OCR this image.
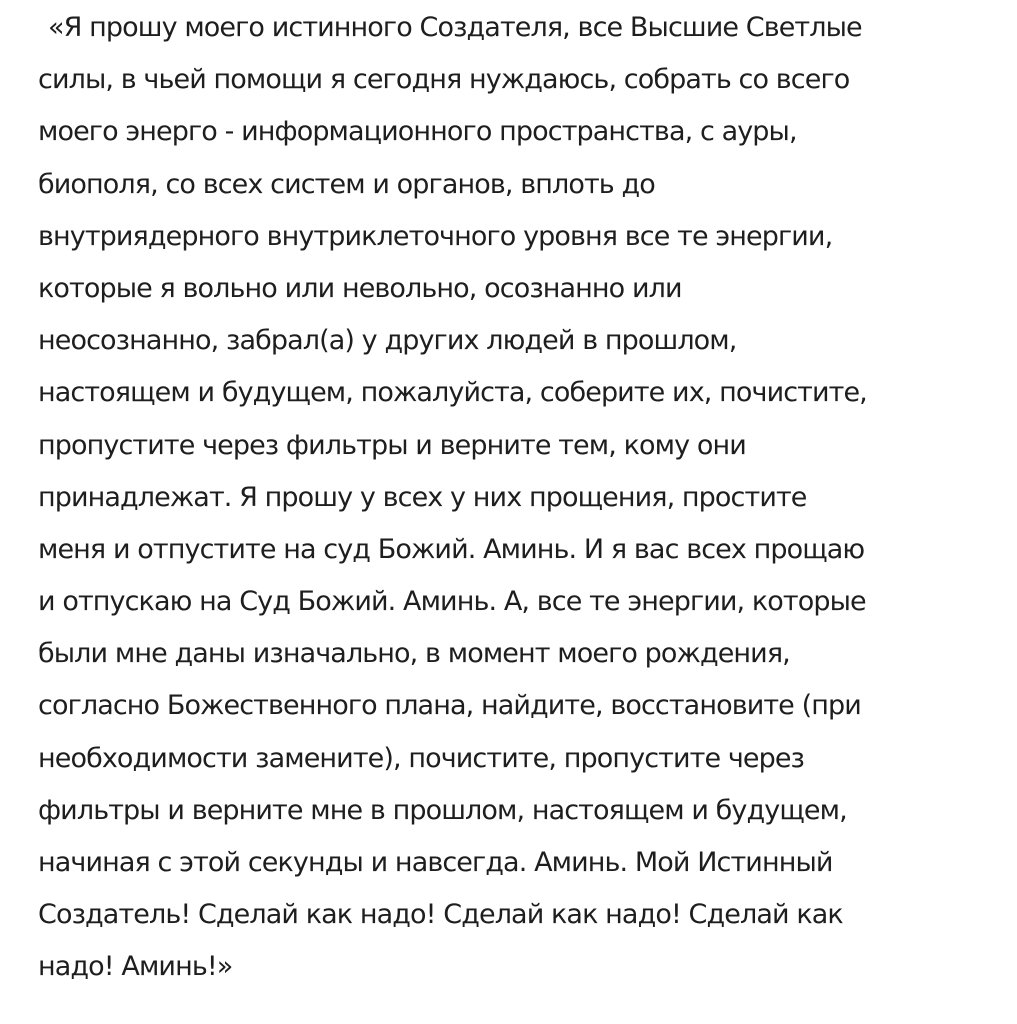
«Я прошу моего истинного Создателя, все Высшие Светлые
силы, в чьей помощи я сегодня нуждаюсь, собрать со всего
моего энерго - информационного пространства, с ауры,
биополя, со всех систем и органов, вплоть до
внутриядерного внутриклеточного уровня все те энергии,
которые я вольно или невольно, осознанно или
неосознанно, забрал(а) у других людей в прошлом,
настоящем и будущем, пожалуйста, соберите их, почистите,
пропустите через фильтры и верните тем, кому они
принадлежат. Я прошу у всех у них прощения, простите
меня и отпустите на суд Божий. Аминь. И я вас всех прощаю
и отпускаю на Суд Божий. Аминь. А, все те энергии, которые
были мне даны изначально, в момент моего рождения,
согласно Божественного плана, найдите, восстановите (при
необходимости замените), почистите, пропустите через
фильтры и верните мне в прошлом, настоящем и будущем,
начиная с этой секунды и навсегда. Аминь. Мой Истинный
Создатель! Сделай как надо! Сделай как надо! Сделай как
надо! Аминь!»
